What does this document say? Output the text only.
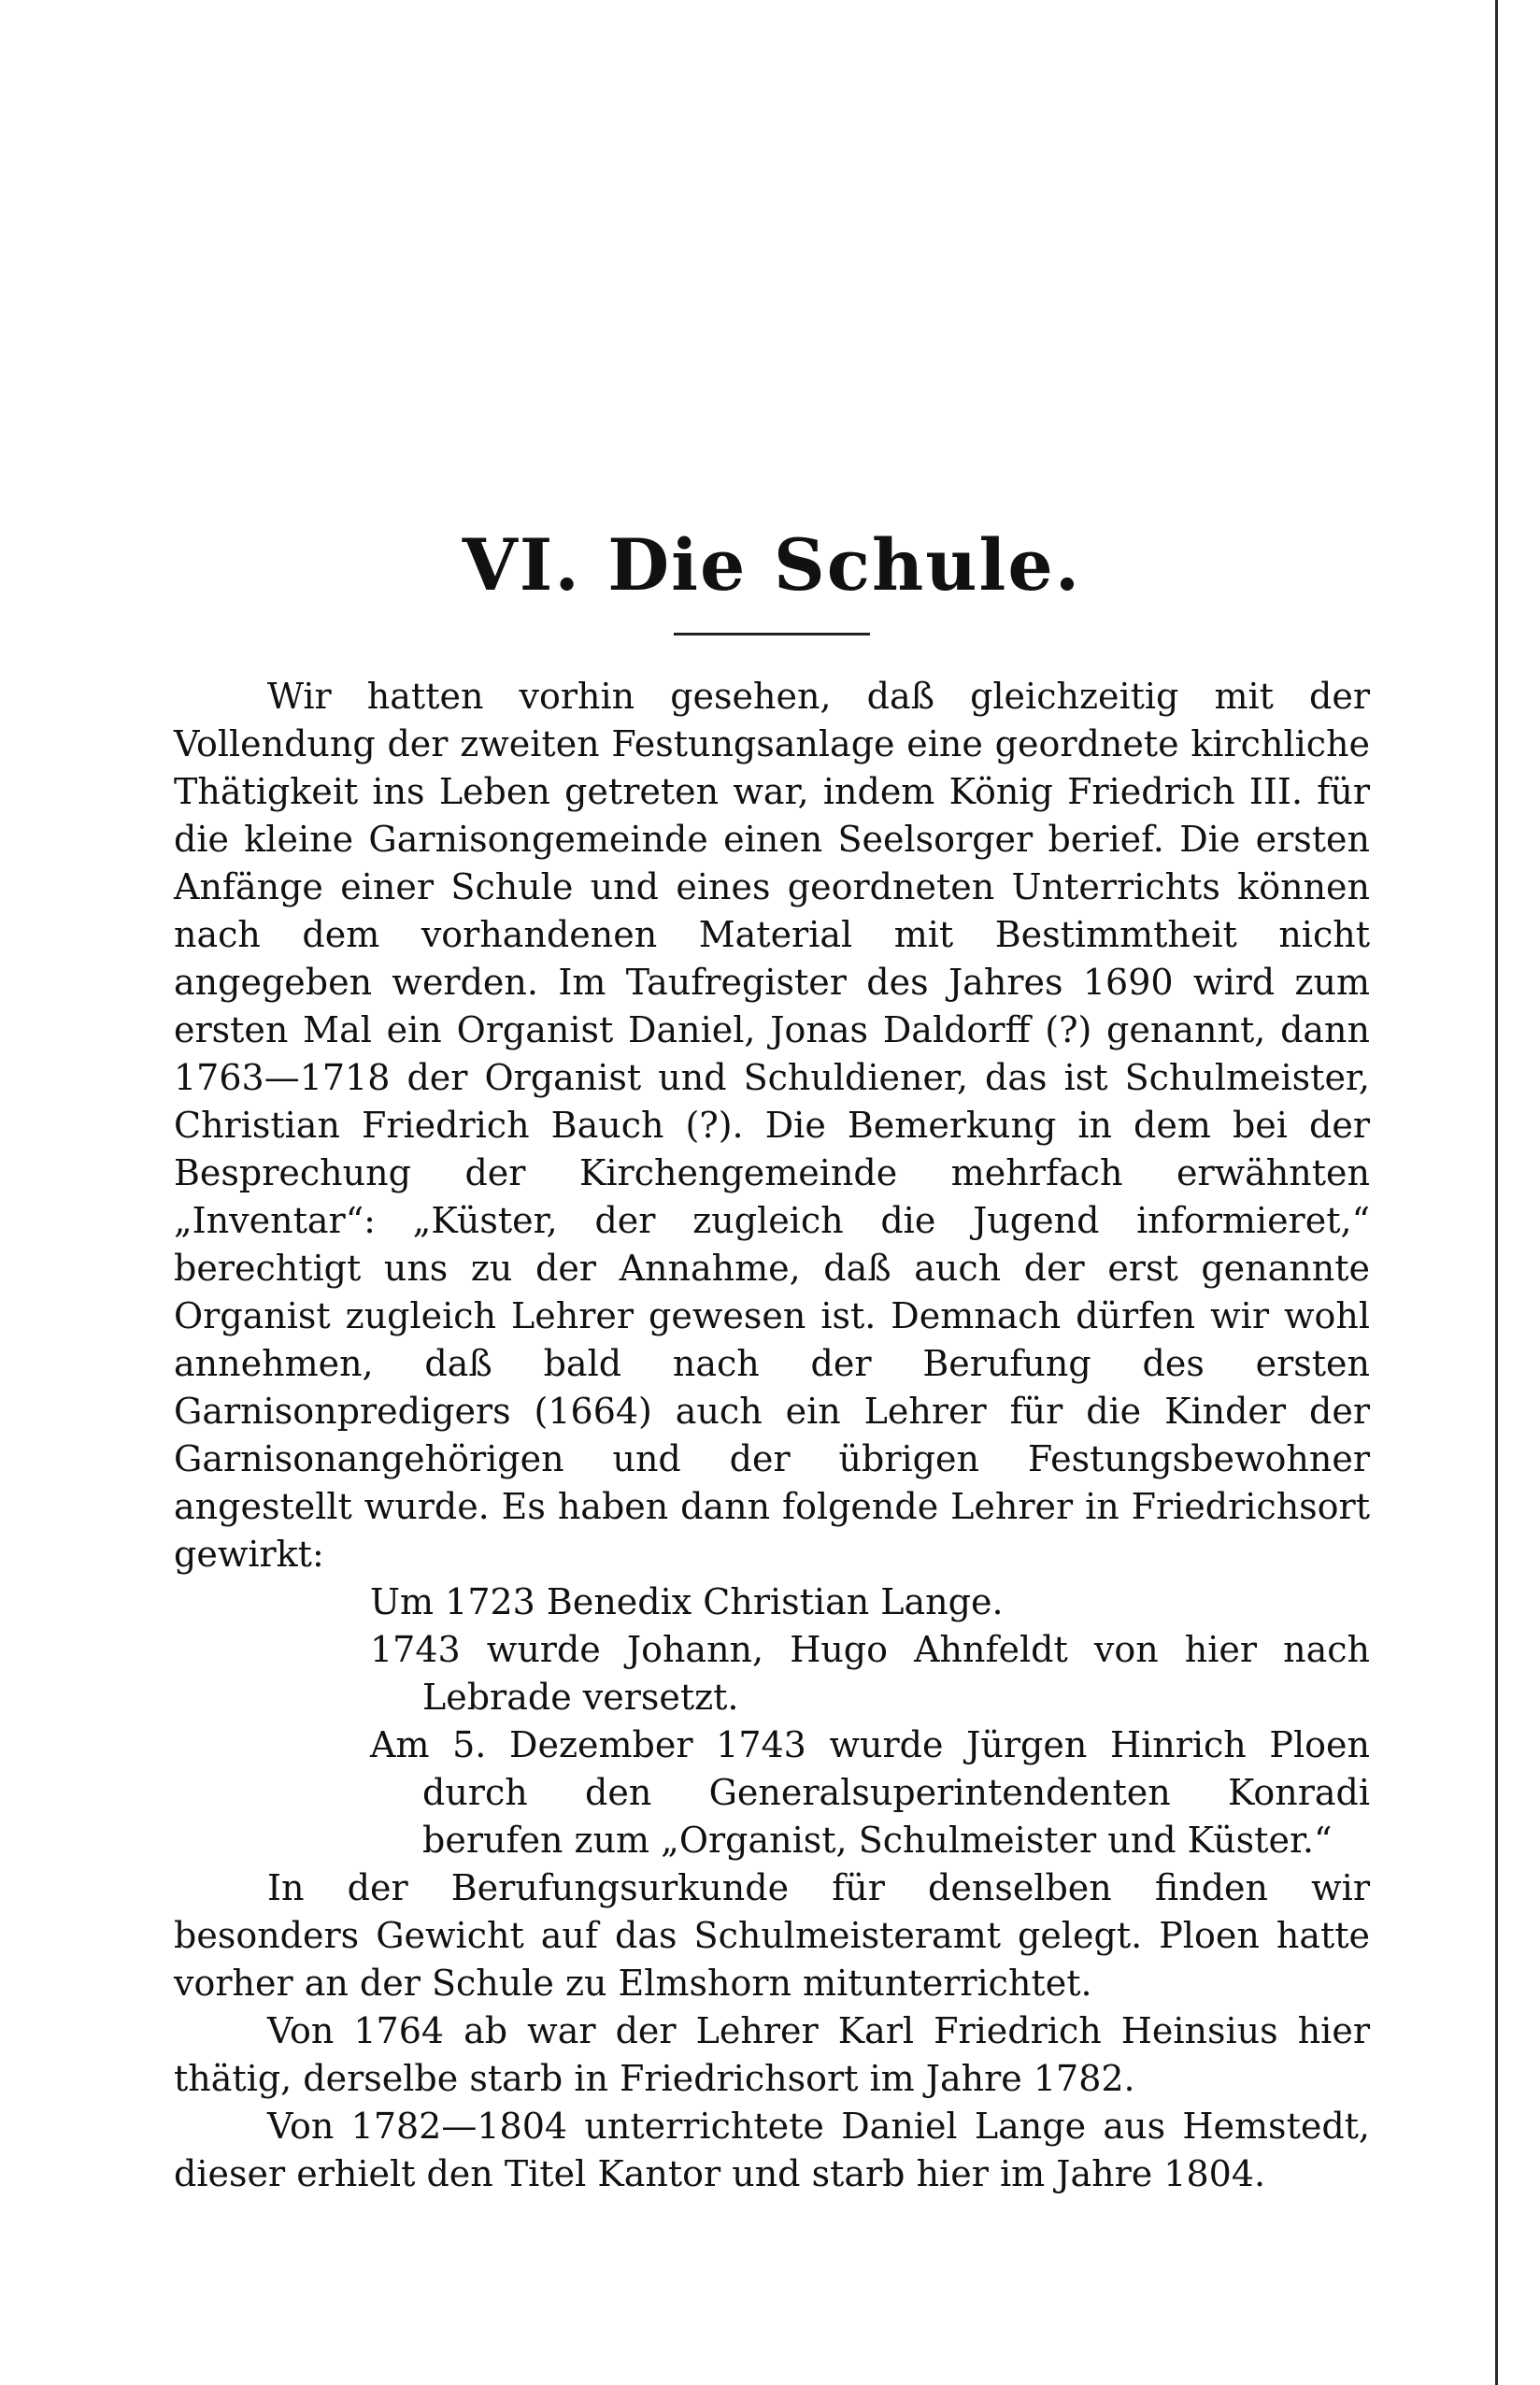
VI. Die Schule.

Wir hatten vorhin gesehen, daß gleichzeitig mit der Vollendung der zweiten Festungsanlage eine geordnete kirchliche Thätigkeit ins Leben getreten war, indem König Friedrich III. für die kleine Garnisongemeinde einen Seelsorger berief. Die ersten Anfänge einer Schule und eines geordneten Unterrichts können nach dem vorhandenen Material mit Bestimmtheit nicht angegeben werden. Im Taufregister des Jahres 1690 wird zum ersten Mal ein Organist Daniel, Jonas Daldorff (?) genannt, dann 1763—1718 der Organist und Schuldiener, das ist Schulmeister, Christian Friedrich Bauch (?). Die Bemerkung in dem bei der Besprechung der Kirchengemeinde mehrfach erwähnten „Inventar“: „Küster, der zugleich die Jugend informieret,“ berechtigt uns zu der Annahme, daß auch der erst genannte Organist zugleich Lehrer gewesen ist. Demnach dürfen wir wohl annehmen, daß bald nach der Berufung des ersten Garnisonpredigers (1664) auch ein Lehrer für die Kinder der Garnisonangehörigen und der übrigen Festungsbewohner angestellt wurde. Es haben dann folgende Lehrer in Friedrichsort gewirkt:

Um 1723 Benedix Christian Lange.

1743 wurde Johann, Hugo Ahnfeldt von hier nach Lebrade versetzt.

Am 5. Dezember 1743 wurde Jürgen Hinrich Ploen durch den Generalsuperintendenten Konradi berufen zum „Organist, Schulmeister und Küster.“

In der Berufungsurkunde für denselben finden wir besonders Gewicht auf das Schulmeisteramt gelegt. Ploen hatte vorher an der Schule zu Elmshorn mitunterrichtet.

Von 1764 ab war der Lehrer Karl Friedrich Heinsius hier thätig, derselbe starb in Friedrichsort im Jahre 1782.

Von 1782—1804 unterrichtete Daniel Lange aus Hemstedt, dieser erhielt den Titel Kantor und starb hier im Jahre 1804.
